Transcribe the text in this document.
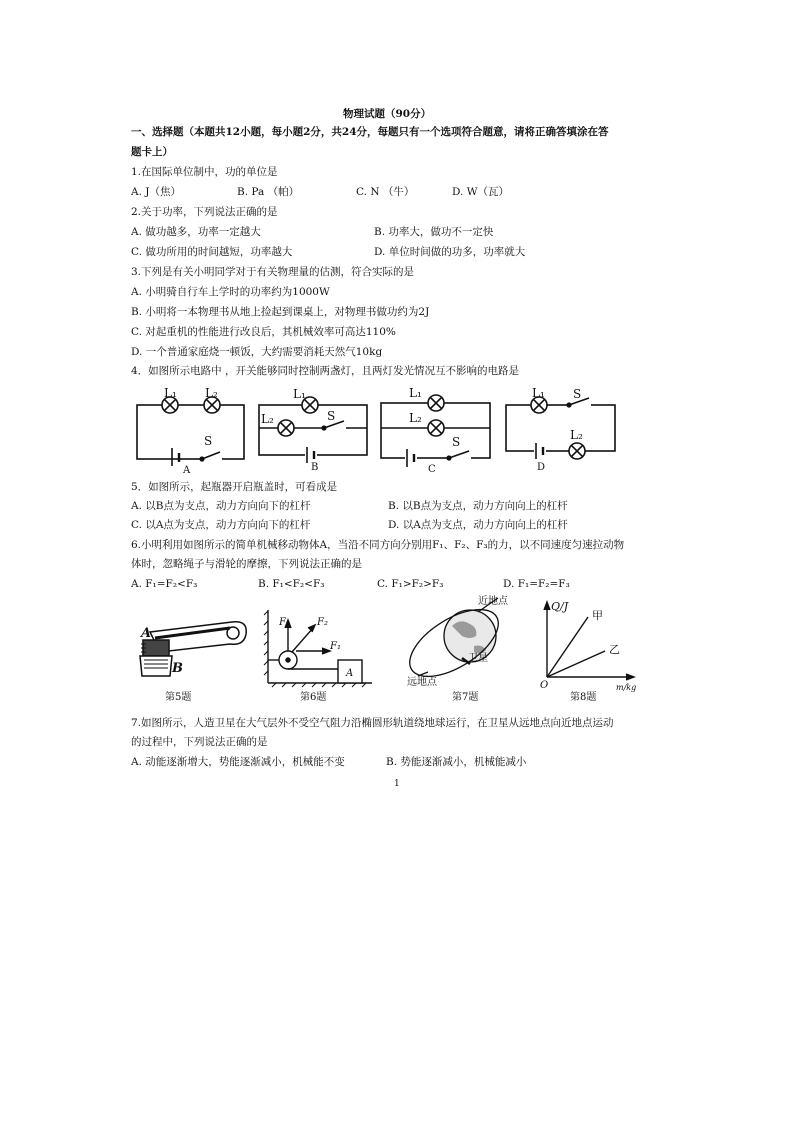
物理试题（90分）
一、选择题（本题共12小题，每小题2分，共24分，每题只有一个选项符合题意，请将正确答填涂在答
题卡上）
1.在国际单位制中，功的单位是
A. J（焦）	B. Pa （帕）	C. N （牛）	D. W（瓦）
2.关于功率，下列说法正确的是
A. 做功越多，功率一定越大	B. 功率大，做功不一定快
C. 做功所用的时间越短，功率越大	D. 单位时间做的功多，功率就大
3.下列是有关小明同学对于有关物理量的估测，符合实际的是
A. 小明骑自行车上学时的功率约为1000W
B. 小明将一本物理书从地上捡起到课桌上，对物理书做功约为2J
C. 对起重机的性能进行改良后，其机械效率可高达110%
D. 一个普通家庭烧一顿饭，大约需要消耗天然气10kg
4．如图所示电路中 ，开关能够同时控制两盏灯，且两灯发光情况互不影响的电路是
L₁ L₂
S
A
L₁
L₂	S
B
L₁
L₂
S
C
L₁ S
L₂
D
5．如图所示，起瓶器开启瓶盖时，可看成是
A. 以B点为支点，动力方向向下的杠杆	B. 以B点为支点，动力方向向上的杠杆
C. 以A点为支点，动力方向向下的杠杆	D. 以A点为支点，动力方向向上的杠杆
6.小明利用如图所示的简单机械移动物体A，当沿不同方向分别用F₁、F₂、F₃的力，以不同速度匀速拉动物
体时，忽略绳子与滑轮的摩擦，下列说法正确的是
A. F₁=F₂<F₃	B. F₁<F₂<F₃	C. F₁>F₂>F₃	D. F₁=F₂=F₃
A
B
第5题
F₃	F₂
F₁
A
第6题
近地点
卫星
远地点
第7题
Q/J
m/kg
O
甲
乙
第8题
7.如图所示，人造卫星在大气层外不受空气阻力沿椭圆形轨道绕地球运行，在卫星从远地点向近地点运动
的过程中，下列说法正确的是
A. 动能逐渐增大，势能逐渐减小，机械能不变	B. 势能逐渐减小，机械能减小
1
